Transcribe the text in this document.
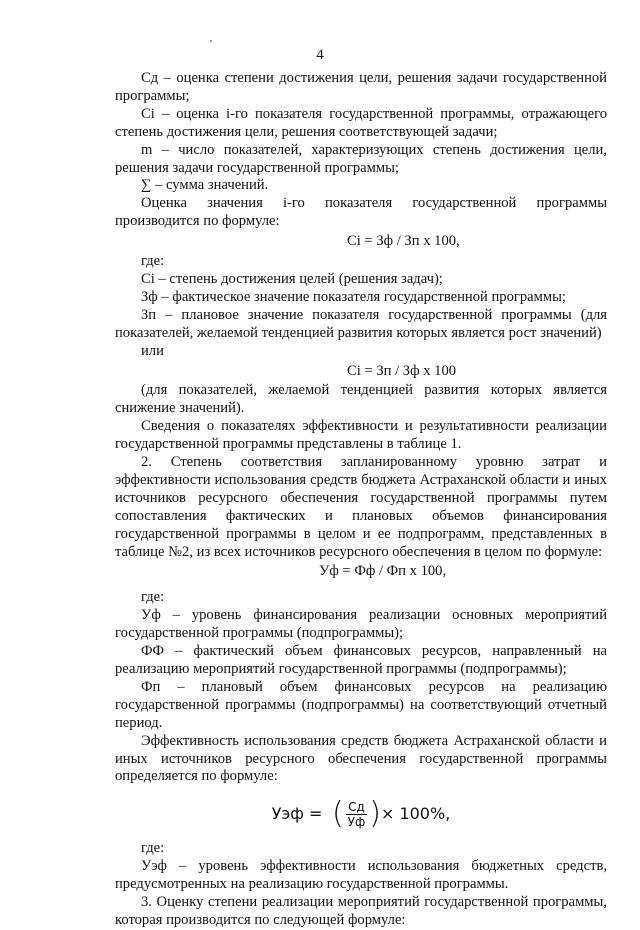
4

Сд – оценка степени достижения цели, решения задачи государственной программы;

Сi – оценка i-го показателя государственной программы, отражающего степень достижения цели, решения соответствующей задачи;

m – число показателей, характеризующих степень достижения цели, решения задачи государственной программы;

∑ – сумма значений.

Оценка значения i-го показателя государственной программы производится по формуле:

Сi = Зф / Зп х 100,

где:

Сi – степень достижения целей (решения задач);

Зф – фактическое значение показателя государственной программы;

Зп – плановое значение показателя государственной программы (для показателей, желаемой тенденцией развития которых является рост значений)

или

Сi = Зп / Зф х 100

(для показателей, желаемой тенденцией развития которых является снижение значений).

Сведения о показателях эффективности и результативности реализации государственной программы представлены в таблице 1.

2. Степень соответствия запланированному уровню затрат и эффективности использования средств бюджета Астраханской области и иных источников ресурсного обеспечения государственной программы путем сопоставления фактических и плановых объемов финансирования государственной программы в целом и ее подпрограмм, представленных в таблице №2, из всех источников ресурсного обеспечения в целом по формуле:

Уф = Фф / Фп х 100,

где:

Уф – уровень финансирования реализации основных мероприятий государственной программы (подпрограммы);

ФФ – фактический объем финансовых ресурсов, направленный на реализацию мероприятий государственной программы (подпрограммы);

Фп – плановый объем финансовых ресурсов на реализацию государственной программы (подпрограммы) на соответствующий отчетный период.

Эффективность использования средств бюджета Астраханской области и иных источников ресурсного обеспечения государственной программы определяется по формуле:

Уэф = ( $\frac{Сд}{Уф}$ ) × 100%,

где:

Уэф – уровень эффективности использования бюджетных средств, предусмотренных на реализацию государственной программы.

3. Оценку степени реализации мероприятий государственной программы, которая производится по следующей формуле:
